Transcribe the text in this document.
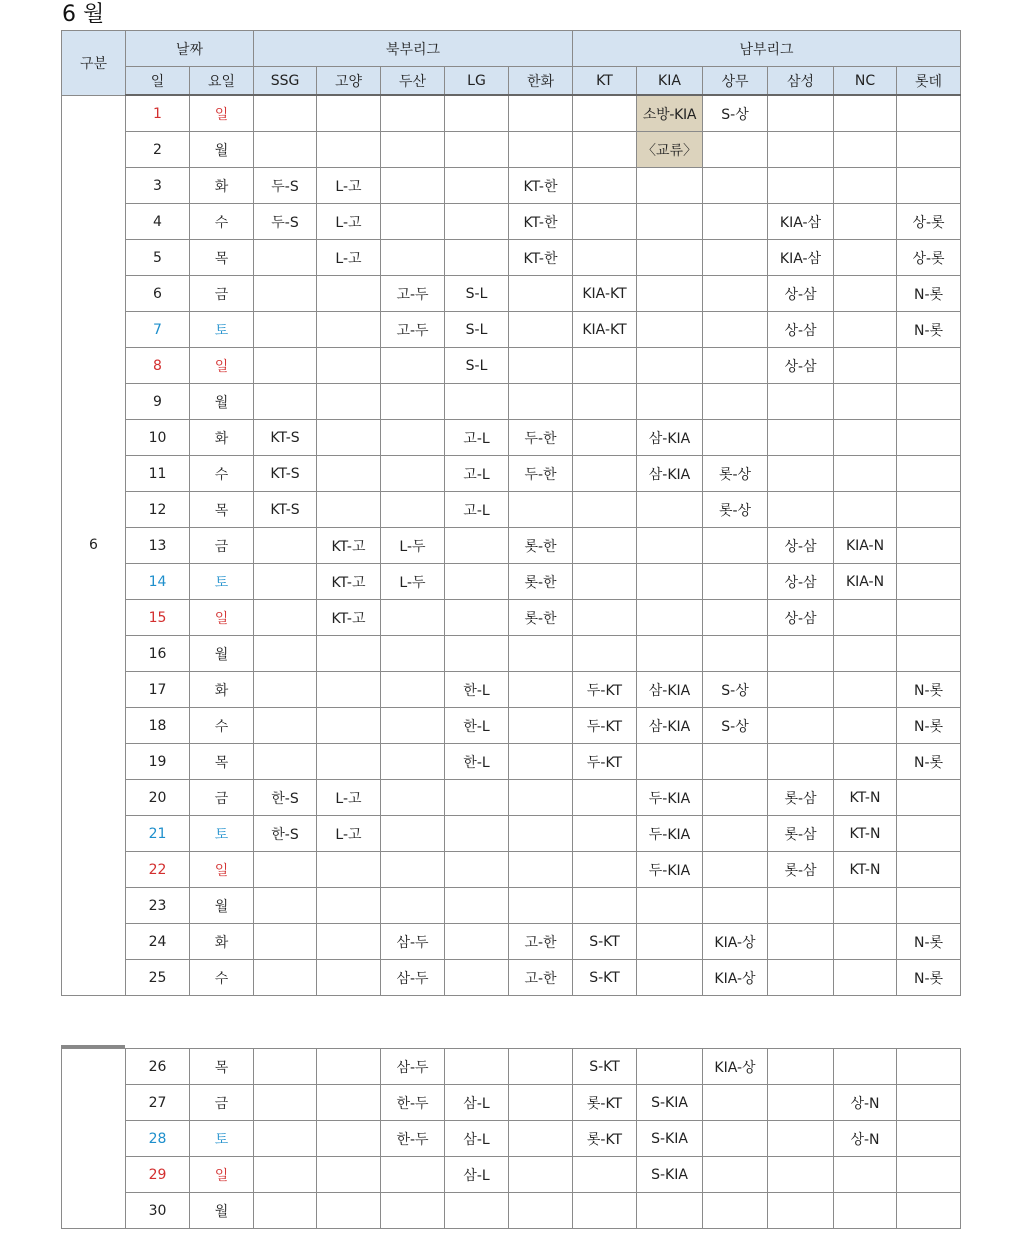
6 월
구분	날짜		북부리그					남부리그					
	일	요일	SSG	고양	두산	LG	한화	KT	KIA	상무	삼성	NC	롯데
6	1	일							소방-KIA	S-상			
	2	월							〈교류〉				
	3	화	두-S	L-고			KT-한						
	4	수	두-S	L-고			KT-한				KIA-삼		상-롯
	5	목		L-고			KT-한				KIA-삼		상-롯
	6	금			고-두	S-L		KIA-KT			상-삼		N-롯
	7	토			고-두	S-L		KIA-KT			상-삼		N-롯
	8	일				S-L					상-삼		
	9	월											
	10	화	KT-S			고-L	두-한		삼-KIA				
	11	수	KT-S			고-L	두-한		삼-KIA	롯-상			
	12	목	KT-S			고-L				롯-상			
	13	금		KT-고	L-두		롯-한				상-삼	KIA-N	
	14	토		KT-고	L-두		롯-한				상-삼	KIA-N	
	15	일		KT-고			롯-한				상-삼		
	16	월											
	17	화				한-L		두-KT	삼-KIA	S-상			N-롯
	18	수				한-L		두-KT	삼-KIA	S-상			N-롯
	19	목				한-L		두-KT					N-롯
	20	금	한-S	L-고					두-KIA		롯-삼	KT-N	
	21	토	한-S	L-고					두-KIA		롯-삼	KT-N	
	22	일							두-KIA		롯-삼	KT-N	
	23	월											
	24	화			삼-두		고-한	S-KT		KIA-상			N-롯
	25	수			삼-두		고-한	S-KT		KIA-상			N-롯
	26	목			삼-두			S-KT		KIA-상			
	27	금			한-두	삼-L		롯-KT	S-KIA			상-N	
	28	토			한-두	삼-L		롯-KT	S-KIA			상-N	
	29	일				삼-L			S-KIA				
	30	월											
